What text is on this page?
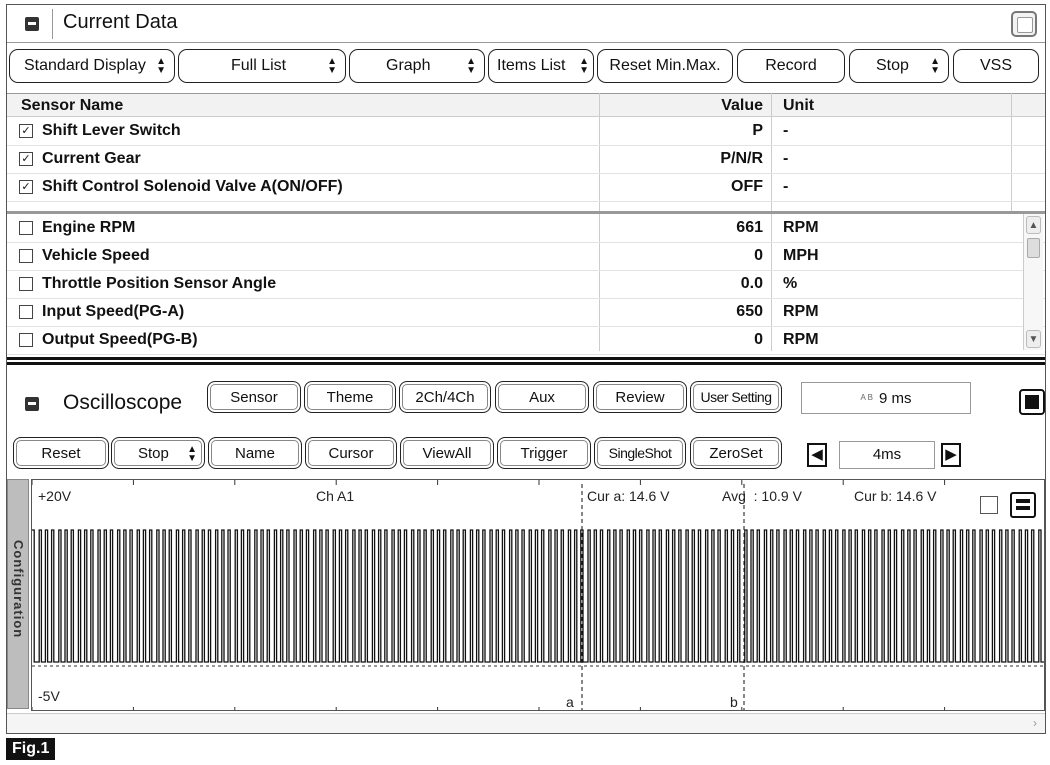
Current Data
Standard Display ▲
▼	Full List	▲
▼	Graph	▲
▼ Items List ▲
▼ Reset Min.Max.	Record	Stop ▲
▼ VSS
Sensor Name	Value Unit
✓
Shift Lever Switch	P -
✓
Current Gear	P/N/R -
✓
Shift Control Solenoid Valve A(ON/OFF)	OFF -
Engine RPM	661 RPM
Vehicle Speed	0 MPH
Throttle Position Sensor Angle	0.0 %
Input Speed(PG-A)	650 RPM
Output Speed(PG-B)	0 RPM
▲
▼
Oscilloscope	Sensor	Theme	2Ch/4Ch	Aux	Review	User Setting	A B 9 ms
Reset	Stop ▲
▼	Name	Cursor	ViewAll	Trigger	SingleShot	ZeroSet	◀	4ms	▶
Configuration
+20V	Ch A1	Cur a: 14.6 V	Avg  : 10.9 V	Cur b: 14.6 V
-5V	a	b
›
Fig.1
